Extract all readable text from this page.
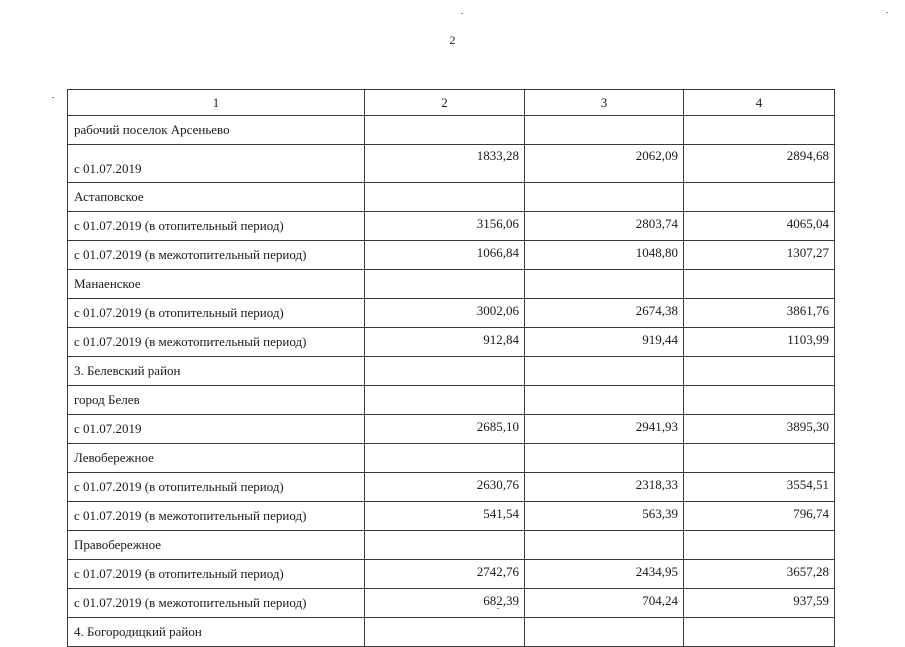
2
1	2	3	4
рабочий поселок Арсеньево			
с 01.07.2019	1833,28	2062,09	2894,68
Астаповское			
с 01.07.2019 (в отопительный период)	3156,06	2803,74	4065,04
с 01.07.2019 (в межотопительный период)	1066,84	1048,80	1307,27
Манаенское			
с 01.07.2019 (в отопительный период)	3002,06	2674,38	3861,76
с 01.07.2019 (в межотопительный период)	912,84	919,44	1103,99
3. Белевский район			
город Белев			
с 01.07.2019	2685,10	2941,93	3895,30
Левобережное			
с 01.07.2019 (в отопительный период)	2630,76	2318,33	3554,51
с 01.07.2019 (в межотопительный период)	541,54	563,39	796,74
Правобережное			
с 01.07.2019 (в отопительный период)	2742,76	2434,95	3657,28
с 01.07.2019 (в межотопительный период)	682,39	704,24	937,59
4. Богородицкий район			
